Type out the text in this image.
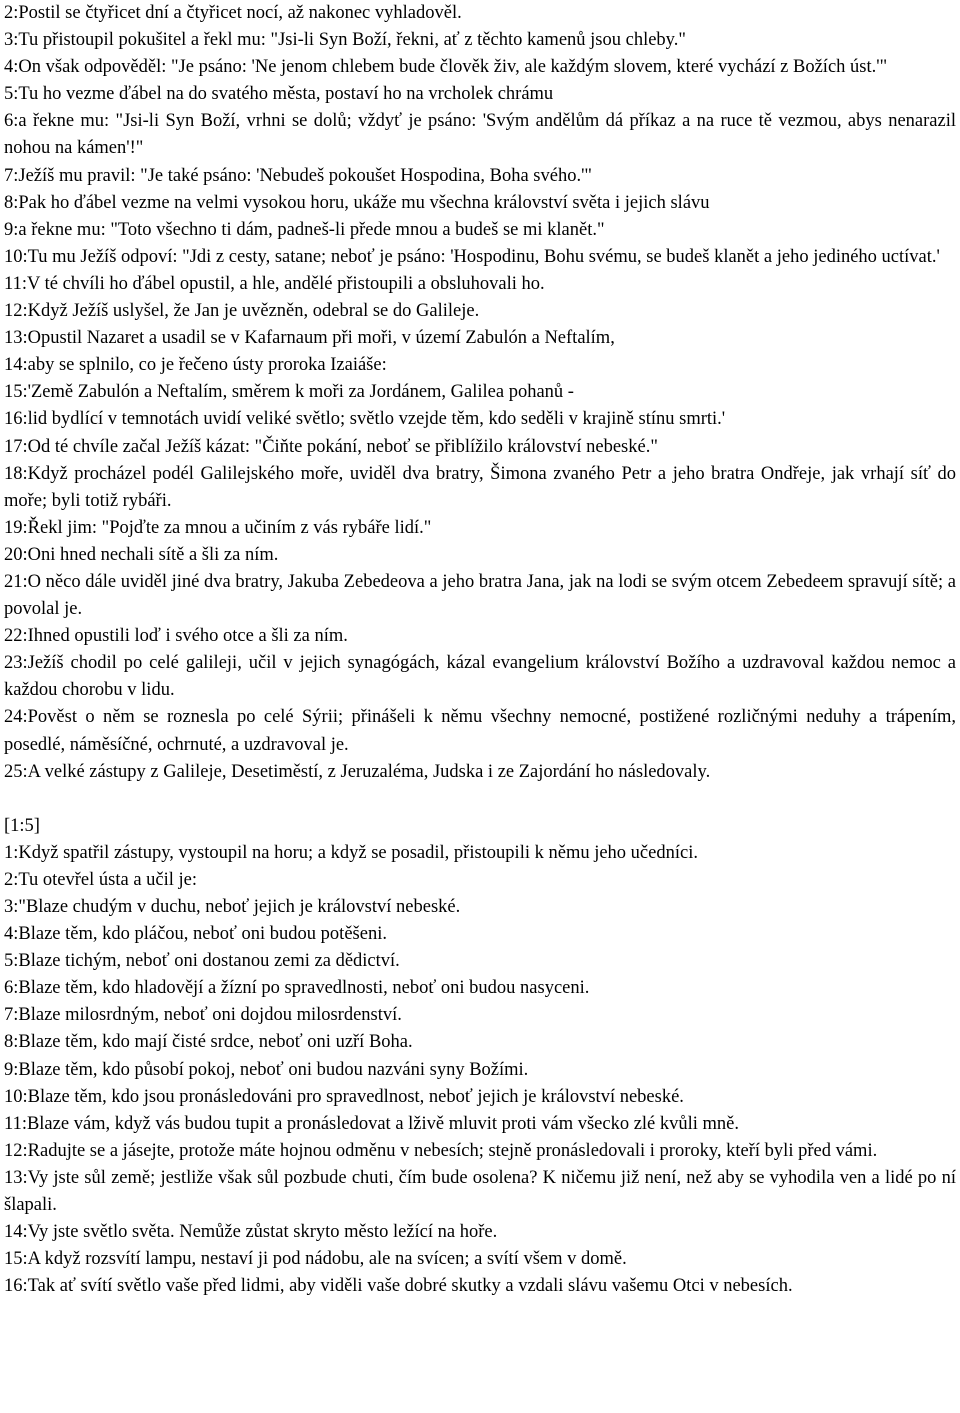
2:Postil se čtyřicet dní a čtyřicet nocí, až nakonec vyhladověl.

3:Tu přistoupil pokušitel a řekl mu: "Jsi-li Syn Boží, řekni, ať z těchto kamenů jsou chleby."

4:On však odpověděl: "Je psáno: 'Ne jenom chlebem bude člověk živ, ale každým slovem, které vychází z Božích úst.'"

5:Tu ho vezme ďábel na do svatého města, postaví ho na vrcholek chrámu

6:a řekne mu: "Jsi-li Syn Boží, vrhni se dolů; vždyť je psáno: 'Svým andělům dá příkaz a na ruce tě vezmou, abys nenarazil nohou na kámen'!"

7:Ježíš mu pravil: "Je také psáno: 'Nebudeš pokoušet Hospodina, Boha svého.'"

8:Pak ho ďábel vezme na velmi vysokou horu, ukáže mu všechna království světa i jejich slávu

9:a řekne mu: "Toto všechno ti dám, padneš-li přede mnou a budeš se mi klanět."

10:Tu mu Ježíš odpoví: "Jdi z cesty, satane; neboť je psáno: 'Hospodinu, Bohu svému, se budeš klanět a jeho jediného uctívat.'

11:V té chvíli ho ďábel opustil, a hle, andělé přistoupili a obsluhovali ho.

12:Když Ježíš uslyšel, že Jan je uvězněn, odebral se do Galileje.

13:Opustil Nazaret a usadil se v Kafarnaum při moři, v území Zabulón a Neftalím,

14:aby se splnilo, co je řečeno ústy proroka Izaiáše:

15:'Země Zabulón a Neftalím, směrem k moři za Jordánem, Galilea pohanů -

16:lid bydlící v temnotách uvidí veliké světlo; světlo vzejde těm, kdo seděli v krajině stínu smrti.'

17:Od té chvíle začal Ježíš kázat: "Čiňte pokání, neboť se přiblížilo království nebeské."

18:Když procházel podél Galilejského moře, uviděl dva bratry, Šimona zvaného Petr a jeho bratra Ondřeje, jak vrhají síť do moře; byli totiž rybáři.

19:Řekl jim: "Pojďte za mnou a učiním z vás rybáře lidí."

20:Oni hned nechali sítě a šli za ním.

21:O něco dále uviděl jiné dva bratry, Jakuba Zebedeova a jeho bratra Jana, jak na lodi se svým otcem Zebedeem spravují sítě; a povolal je.

22:Ihned opustili loď i svého otce a šli za ním.

23:Ježíš chodil po celé galileji, učil v jejich synagógách, kázal evangelium království Božího a uzdravoval každou nemoc a každou chorobu v lidu.

24:Pověst o něm se roznesla po celé Sýrii; přinášeli k němu všechny nemocné, postižené rozličnými neduhy a trápením, posedlé, náměsíčné, ochrnuté, a uzdravoval je.

25:A velké zástupy z Galileje, Desetiměstí, z Jeruzaléma, Judska i ze Zajordání ho následovaly.

[1:5]

1:Když spatřil zástupy, vystoupil na horu; a když se posadil, přistoupili k němu jeho učedníci.

2:Tu otevřel ústa a učil je:

3:"Blaze chudým v duchu, neboť jejich je království nebeské.

4:Blaze těm, kdo pláčou, neboť oni budou potěšeni.

5:Blaze tichým, neboť oni dostanou zemi za dědictví.

6:Blaze těm, kdo hladovějí a žízní po spravedlnosti, neboť oni budou nasyceni.

7:Blaze milosrdným, neboť oni dojdou milosrdenství.

8:Blaze těm, kdo mají čisté srdce, neboť oni uzří Boha.

9:Blaze těm, kdo působí pokoj, neboť oni budou nazváni syny Božími.

10:Blaze těm, kdo jsou pronásledováni pro spravedlnost, neboť jejich je království nebeské.

11:Blaze vám, když vás budou tupit a pronásledovat a lživě mluvit proti vám všecko zlé kvůli mně.

12:Radujte se a jásejte, protože máte hojnou odměnu v nebesích; stejně pronásledovali i proroky, kteří byli před vámi.

13:Vy jste sůl země; jestliže však sůl pozbude chuti, čím bude osolena? K ničemu již není, než aby se vyhodila ven a lidé po ní šlapali.

14:Vy jste světlo světa. Nemůže zůstat skryto město ležící na hoře.

15:A když rozsvítí lampu, nestaví ji pod nádobu, ale na svícen; a svítí všem v domě.

16:Tak ať svítí světlo vaše před lidmi, aby viděli vaše dobré skutky a vzdali slávu vašemu Otci v nebesích.
